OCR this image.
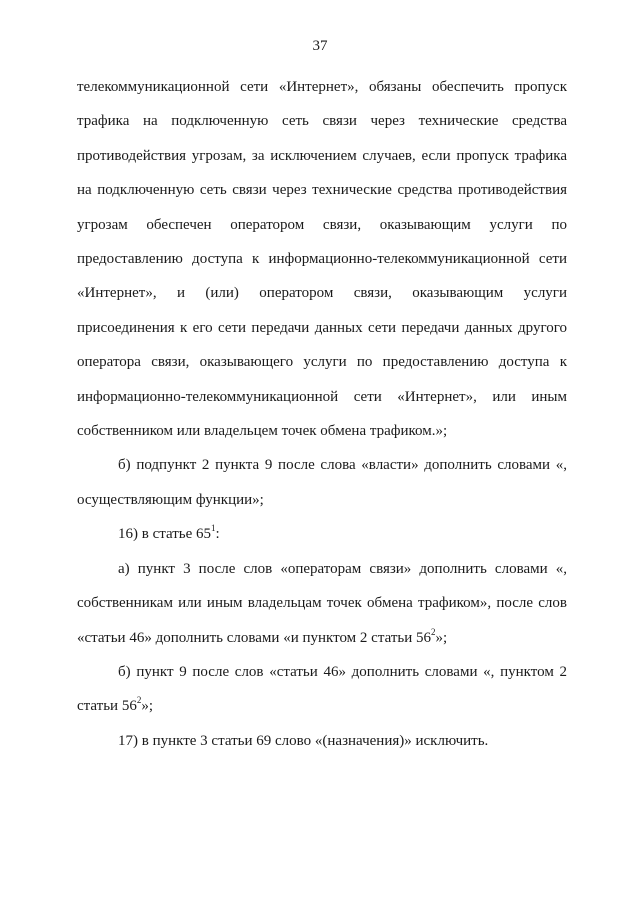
37

телекоммуникационной сети «Интернет», обязаны обеспечить пропуск трафика на подключенную сеть связи через технические средства противодействия угрозам, за исключением случаев, если пропуск трафика на подключенную сеть связи через технические средства противодействия угрозам обеспечен оператором связи, оказывающим услуги по предоставлению доступа к информационно-телекоммуникационной сети «Интернет», и (или) оператором связи, оказывающим услуги присоединения к его сети передачи данных сети передачи данных другого оператора связи, оказывающего услуги по предоставлению доступа к информационно-телекоммуникационной сети «Интернет», или иным собственником или владельцем точек обмена трафиком.»;

б) подпункт 2 пункта 9 после слова «власти» дополнить словами «, осуществляющим функции»;

16) в статье $65^1$:

а) пункт 3 после слов «операторам связи» дополнить словами «, собственникам или иным владельцам точек обмена трафиком», после слов «статьи 46» дополнить словами «и пунктом 2 статьи $56^2$»;

б) пункт 9 после слов «статьи 46» дополнить словами «, пунктом 2 статьи $56^2$»;

17) в пункте 3 статьи 69 слово «(назначения)» исключить.
